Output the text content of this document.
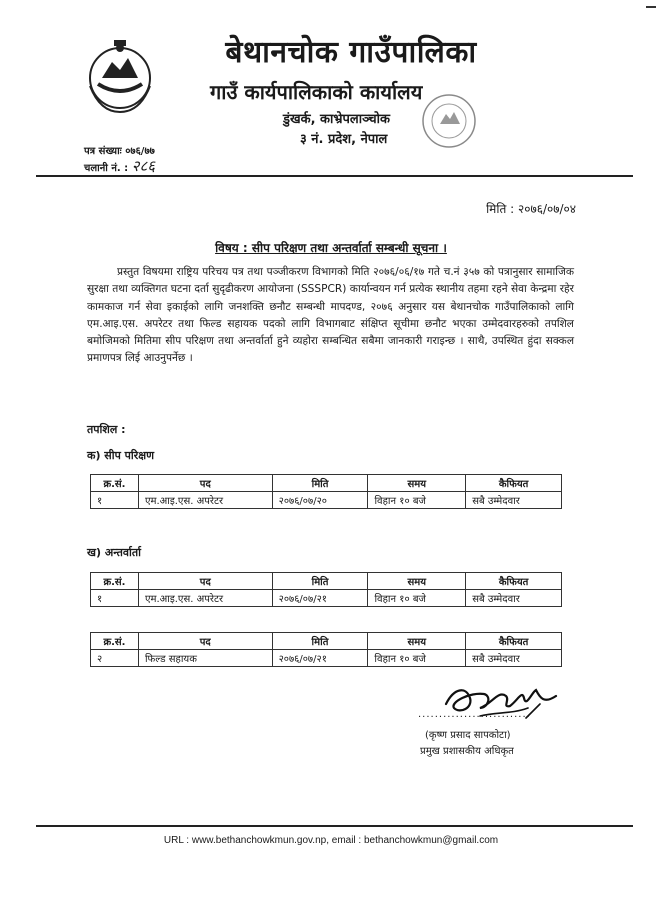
बेथानचोक गाउँपालिका
गाउँ कार्यपालिकाको कार्यालय
डुंखर्क, काभ्रेपलाञ्चोक
३ नं. प्रदेश, नेपाल
पत्र संख्याः ०७६/७७
चलानी नं. : २८६
मिति : २०७६/०७/०४
विषय : सीप परिक्षण तथा अन्तर्वार्ता सम्बन्धी सूचना ।
प्रस्तुत विषयमा राष्ट्रिय परिचय पत्र तथा पञ्जीकरण विभागको मिति २०७६/०६/१७ गते च.नं ३५७ को पत्रानुसार सामाजिक सुरक्षा तथा व्यक्तिगत घटना दर्ता सुदृढीकरण आयोजना (SSSPCR) कार्यान्वयन गर्न प्रत्येक स्थानीय तहमा रहने सेवा केन्द्रमा रहेर कामकाज गर्न सेवा इकाईको लागि जनशक्ति छनौट सम्बन्धी मापदण्ड, २०७६ अनुसार यस बेथानचोक गाउँपालिकाको लागि एम.आइ.एस. अपरेटर तथा फिल्ड सहायक पदको लागि विभागबाट संक्षिप्त सूचीमा छनौट भएका उम्मेदवारहरुको तपशिल बमोजिमको मितिमा सीप परिक्षण तथा अन्तर्वार्ता हुने व्यहोरा सम्बन्धित सबैमा जानकारी गराइन्छ । साथै, उपस्थित हुंदा सक्कल प्रमाणपत्र लिई आउनुपर्नेछ ।
तपशिल :
क) सीप परिक्षण
क्र.सं.	पद	मिति	समय	कैफियत
१	एम.आइ.एस. अपरेटर	२०७६/०७/२०	विहान १० बजे	सबै उम्मेदवार
ख) अन्तर्वार्ता
क्र.सं.	पद	मिति	समय	कैफियत
१	एम.आइ.एस. अपरेटर	२०७६/०७/२१	विहान १० बजे	सबै उम्मेदवार
क्र.सं.	पद	मिति	समय	कैफियत
२	फिल्ड सहायक	२०७६/०७/२१	विहान १० बजे	सबै उम्मेदवार
...........................
(कृष्ण प्रसाद सापकोटा)
प्रमुख प्रशासकीय अधिकृत
URL : www.bethanchowkmun.gov.np, email : bethanchowkmun@gmail.com
